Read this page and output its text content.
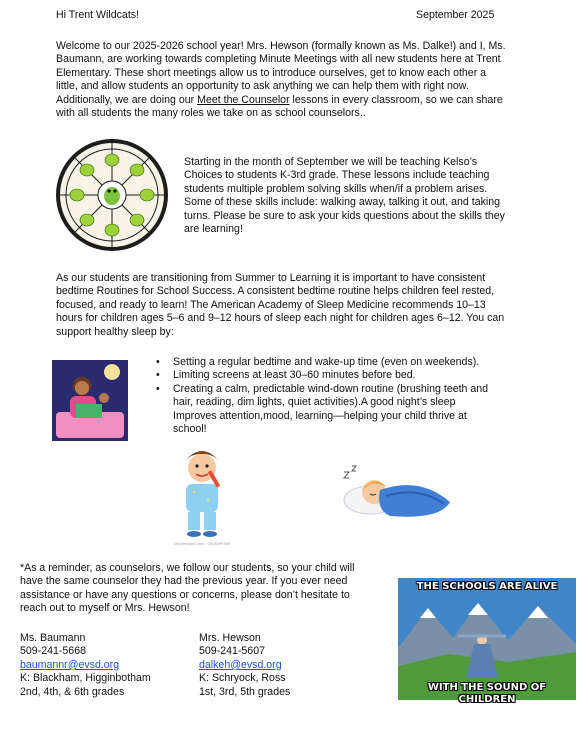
Hi Trent Wildcats!	September 2025
Welcome to our 2025-2026 school year! Mrs. Hewson (formally known as Ms. Dalke!) and I, Ms. Baumann, are working towards completing Minute Meetings with all new students here at Trent Elementary. These short meetings allow us to introduce ourselves, get to know each other a little, and allow students an opportunity to ask anything we can help them with right now. Additionally, we are doing our Meet the Counselor lessons in every classroom, so we can share with all students the many roles we take on as school counselors..
Starting in the month of September we will be teaching Kelso’s Choices to students K-3rd grade. These lessons include teaching students multiple problem solving skills when/if a problem arises. Some of these skills include: walking away, talking it out, and taking turns. Please be sure to ask your kids questions about the skills they are learning!
As our students are transitioning from Summer to Learning it is important to have consistent bedtime Routines for School Success. A consistent bedtime routine helps children feel rested, focused, and ready to learn! The American Academy of Sleep Medicine recommends 10–13 hours for children ages 5–6 and 9–12 hours of sleep each night for children ages 6–12. You can support healthy sleep by:
• Setting a regular bedtime and wake-up time (even on weekends).
• Limiting screens at least 30–60 minutes before bed.
• Creating a calm, predictable wind-down routine (brushing teeth and hair, reading, dim lights, quiet activities).A good night’s sleep Improves attention,mood, learning—helping your child thrive at school!
shutterstock.com · 2508099389
*As a reminder, as counselors, we follow our students, so your child will have the same counselor they had the previous year. If you ever need assistance or have any questions or concerns, please don’t hesitate to reach out to myself or Mrs. Hewson!
Ms. Baumann
509-241-5668
baumannr@evsd.org
K: Blackham, Higginbotham
2nd, 4th, & 6th grades
Mrs. Hewson
509-241-5607
dalkeh@evsd.org
K: Schryock, Ross
1st, 3rd, 5th grades
THE SCHOOLS ARE ALIVE
WITH THE SOUND OF CHILDREN
